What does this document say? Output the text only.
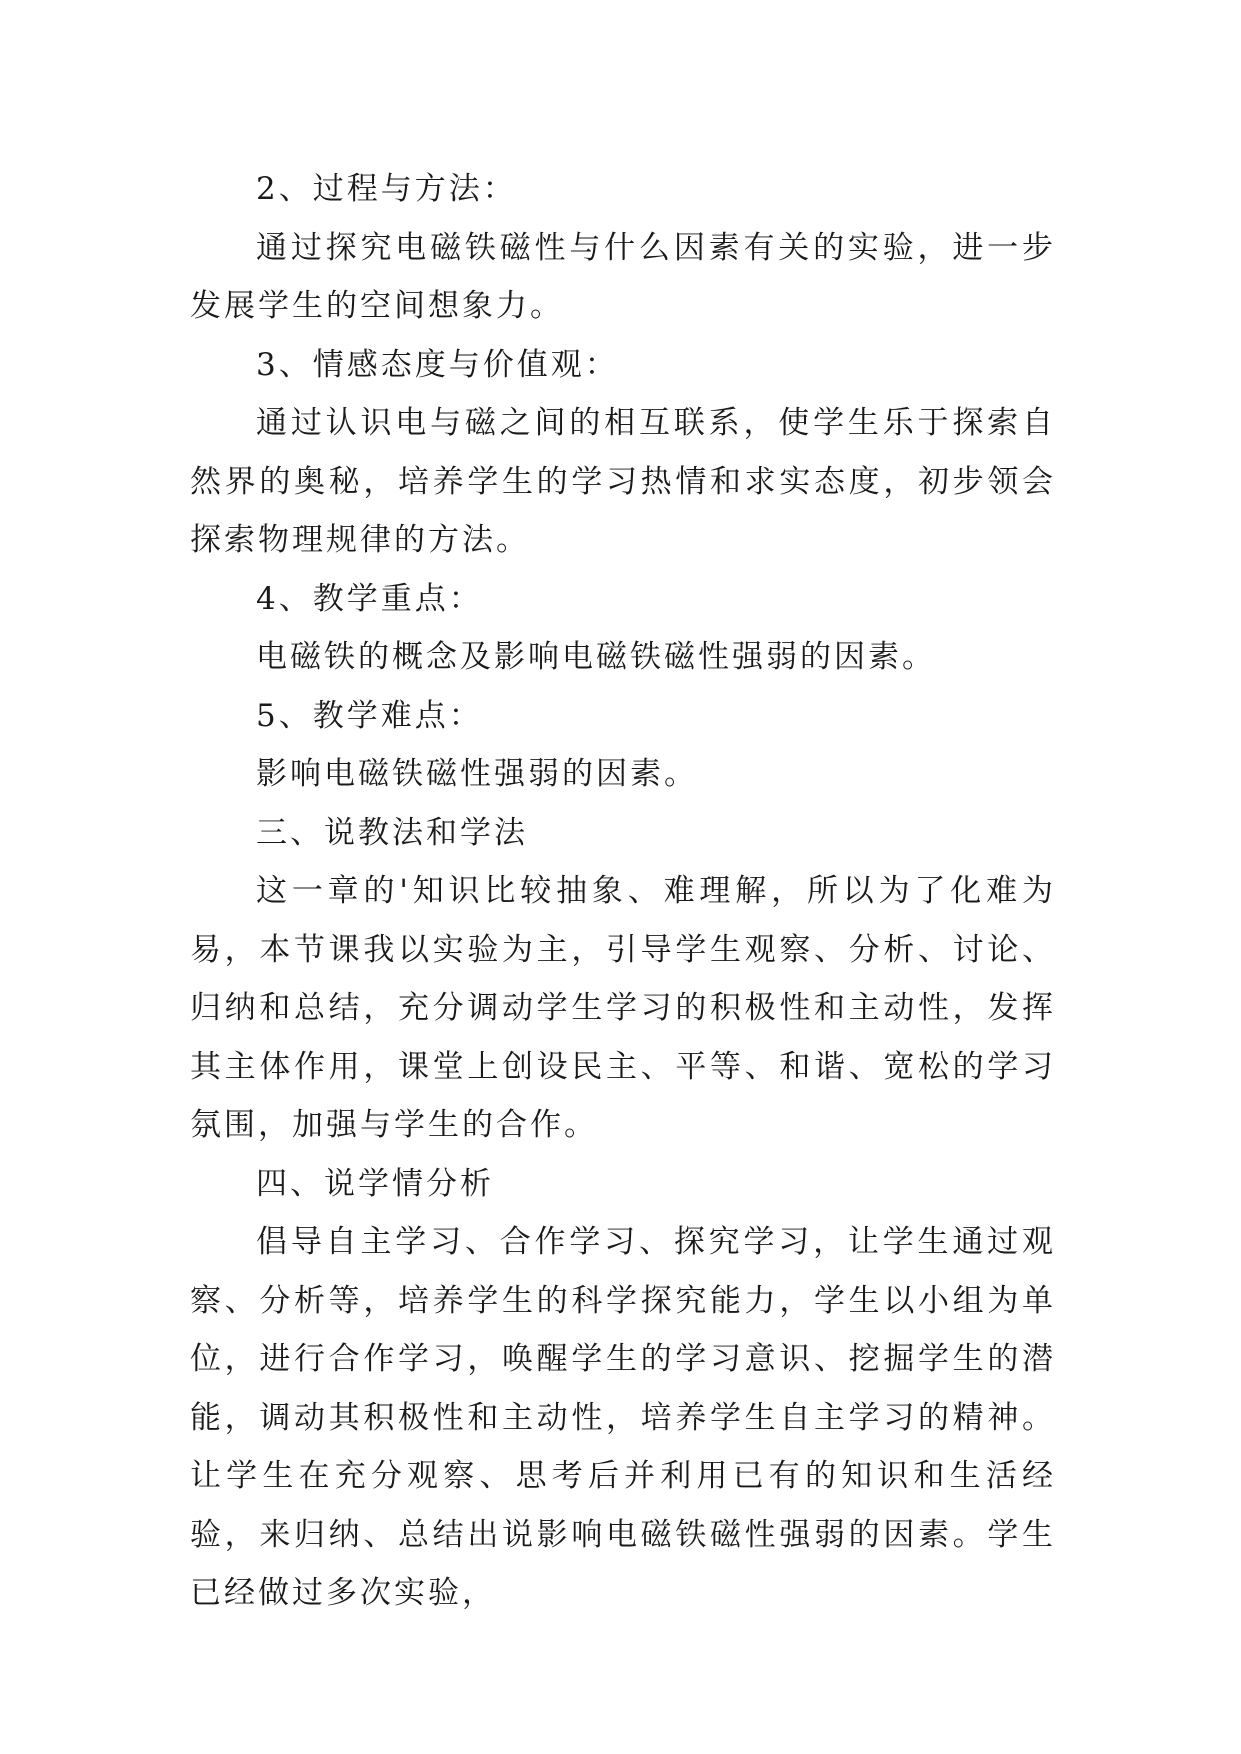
2、过程与方法：

通过探究电磁铁磁性与什么因素有关的实验，进一步发展学生的空间想象力。

3、情感态度与价值观：

通过认识电与磁之间的相互联系，使学生乐于探索自然界的奥秘，培养学生的学习热情和求实态度，初步领会探索物理规律的方法。

4、教学重点：

电磁铁的概念及影响电磁铁磁性强弱的因素。

5、教学难点：

影响电磁铁磁性强弱的因素。

三、说教法和学法

这一章的'知识比较抽象、难理解，所以为了化难为易，本节课我以实验为主，引导学生观察、分析、讨论、归纳和总结，充分调动学生学习的积极性和主动性，发挥其主体作用，课堂上创设民主、平等、和谐、宽松的学习氛围，加强与学生的合作。

四、说学情分析

倡导自主学习、合作学习、探究学习，让学生通过观察、分析等，培养学生的科学探究能力，学生以小组为单位，进行合作学习，唤醒学生的学习意识、挖掘学生的潜能，调动其积极性和主动性，培养学生自主学习的精神。让学生在充分观察、思考后并利用已有的知识和生活经验，来归纳、总结出说影响电磁铁磁性强弱的因素。学生已经做过多次实验，
